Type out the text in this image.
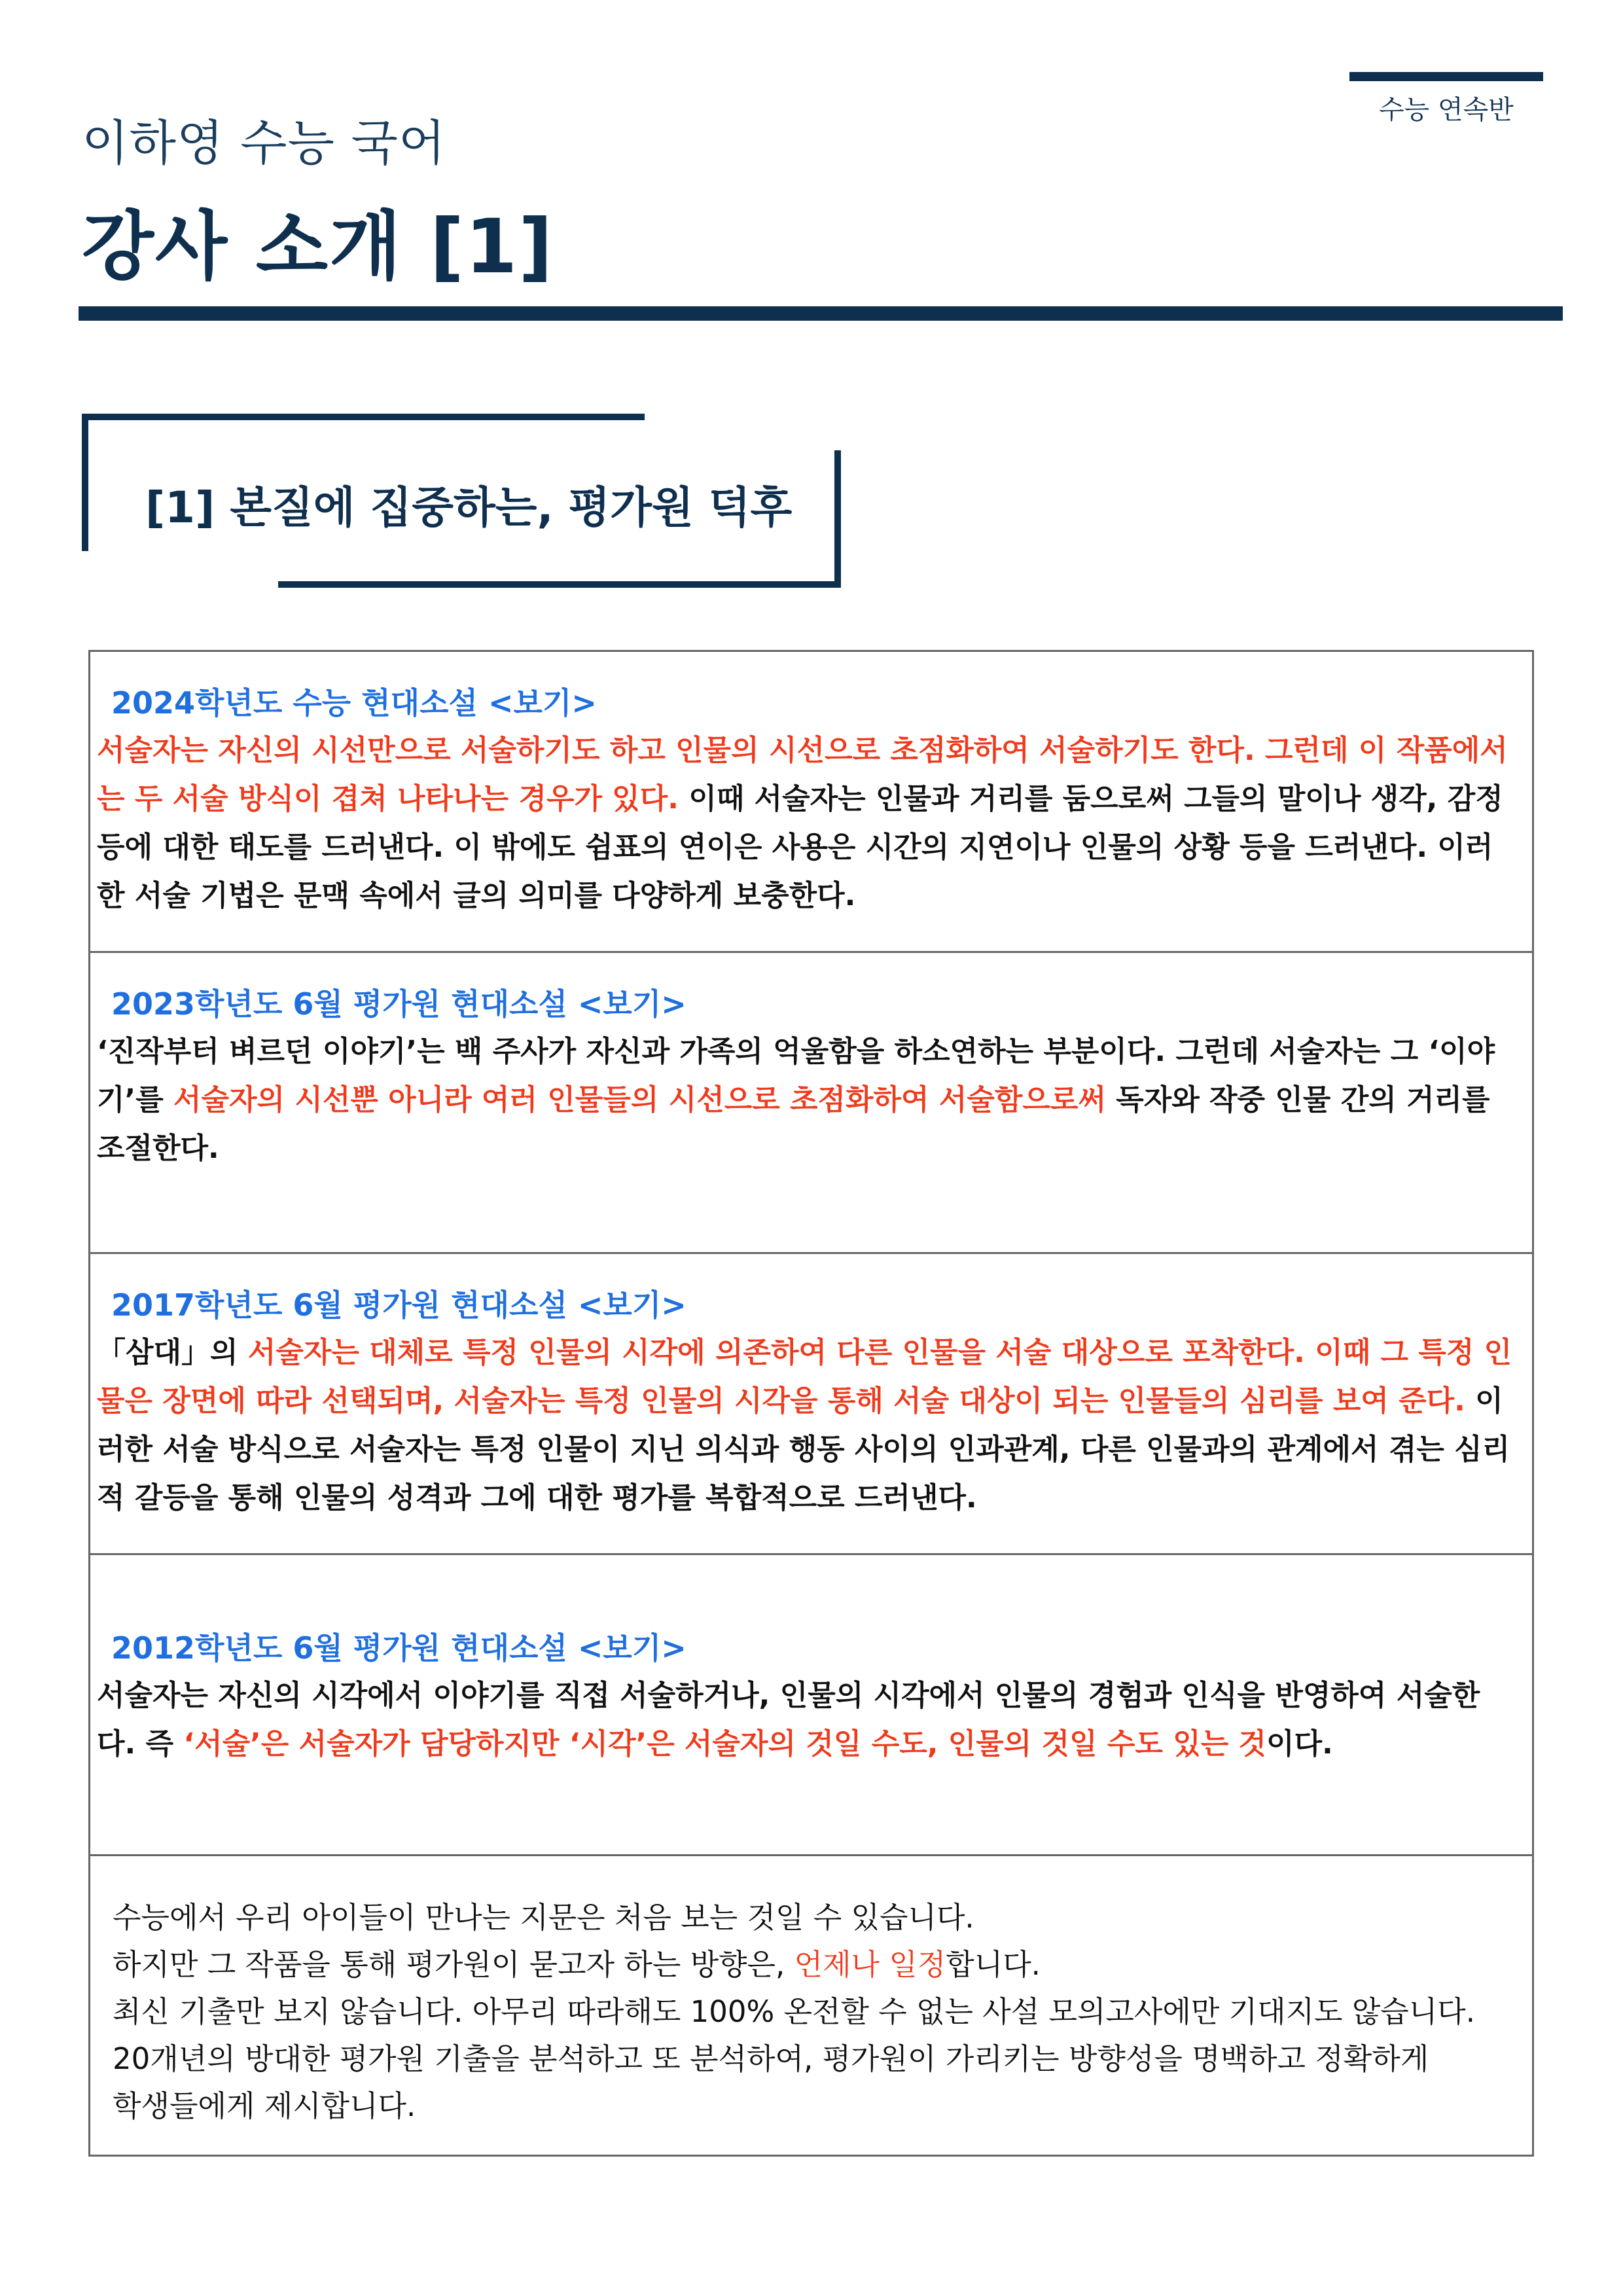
수능 연속반
이하영 수능 국어
강사 소개 [1]
[1] 본질에 집중하는, 평가원 덕후
2024학년도 수능 현대소설 <보기>
서술자는 자신의 시선만으로 서술하기도 하고 인물의 시선으로 초점화하여 서술하기도 한다. 그런데 이 작품에서는 두 서술 방식이 겹쳐 나타나는 경우가 있다. 이때 서술자는 인물과 거리를 둠으로써 그들의 말이나 생각, 감정 등에 대한 태도를 드러낸다. 이 밖에도 쉼표의 연이은 사용은 시간의 지연이나 인물의 상황 등을 드러낸다. 이러한 서술 기법은 문맥 속에서 글의 의미를 다양하게 보충한다.
2023학년도 6월 평가원 현대소설 <보기>
‘진작부터 벼르던 이야기’는 백 주사가 자신과 가족의 억울함을 하소연하는 부분이다. 그런데 서술자는 그 ‘이야기’를 서술자의 시선뿐 아니라 여러 인물들의 시선으로 초점화하여 서술함으로써 독자와 작중 인물 간의 거리를 조절한다.
2017학년도 6월 평가원 현대소설 <보기>
「삼대」의 서술자는 대체로 특정 인물의 시각에 의존하여 다른 인물을 서술 대상으로 포착한다. 이때 그 특정 인물은 장면에 따라 선택되며, 서술자는 특정 인물의 시각을 통해 서술 대상이 되는 인물들의 심리를 보여 준다. 이러한 서술 방식으로 서술자는 특정 인물이 지닌 의식과 행동 사이의 인과관계, 다른 인물과의 관계에서 겪는 심리적 갈등을 통해 인물의 성격과 그에 대한 평가를 복합적으로 드러낸다.
2012학년도 6월 평가원 현대소설 <보기>
서술자는 자신의 시각에서 이야기를 직접 서술하거나, 인물의 시각에서 인물의 경험과 인식을 반영하여 서술한다. 즉 ‘서술’은 서술자가 담당하지만 ‘시각’은 서술자의 것일 수도, 인물의 것일 수도 있는 것이다.
수능에서 우리 아이들이 만나는 지문은 처음 보는 것일 수 있습니다.
하지만 그 작품을 통해 평가원이 묻고자 하는 방향은, 언제나 일정합니다.
최신 기출만 보지 않습니다. 아무리 따라해도 100% 온전할 수 없는 사설 모의고사에만 기대지도 않습니다.
20개년의 방대한 평가원 기출을 분석하고 또 분석하여, 평가원이 가리키는 방향성을 명백하고 정확하게
학생들에게 제시합니다.
